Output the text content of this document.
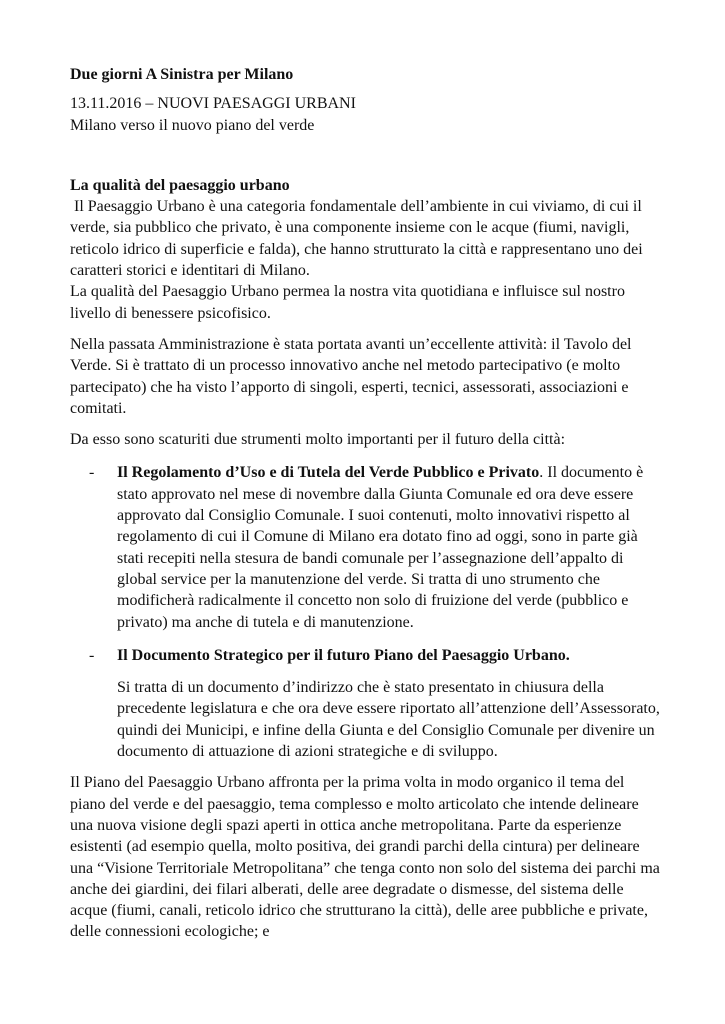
Due giorni A Sinistra per Milano

13.11.2016 – NUOVI PAESAGGI URBANI

Milano verso il nuovo piano del verde

La qualità del paesaggio urbano

Il Paesaggio Urbano è una categoria fondamentale dell’ambiente in cui viviamo, di cui il verde, sia pubblico che privato, è una componente insieme con le acque (fiumi, navigli, reticolo idrico di superficie e falda), che hanno strutturato la città e rappresentano uno dei caratteri storici e identitari di Milano.

La qualità del Paesaggio Urbano permea la nostra vita quotidiana e influisce sul nostro livello di benessere psicofisico.

Nella passata Amministrazione è stata portata avanti un’eccellente attività: il Tavolo del Verde. Si è trattato di un processo innovativo anche nel metodo partecipativo (e molto partecipato) che ha visto l’apporto di singoli, esperti, tecnici, assessorati, associazioni e comitati.

Da esso sono scaturiti due strumenti molto importanti per il futuro della città:

- Il Regolamento d’Uso e di Tutela del Verde Pubblico e Privato. Il documento è stato approvato nel mese di novembre dalla Giunta Comunale ed ora deve essere approvato dal Consiglio Comunale. I suoi contenuti, molto innovativi rispetto al regolamento di cui il Comune di Milano era dotato fino ad oggi, sono in parte già stati recepiti nella stesura de bandi comunale per l’assegnazione dell’appalto di global service per la manutenzione del verde. Si tratta di uno strumento che modificherà radicalmente il concetto non solo di fruizione del verde (pubblico e privato) ma anche di tutela e di manutenzione.
- Il Documento Strategico per il futuro Piano del Paesaggio Urbano.

Si tratta di un documento d’indirizzo che è stato presentato in chiusura della precedente legislatura e che ora deve essere riportato all’attenzione dell’Assessorato, quindi dei Municipi, e infine della Giunta e del Consiglio Comunale per divenire un documento di attuazione di azioni strategiche e di sviluppo.

Il Piano del Paesaggio Urbano affronta per la prima volta in modo organico il tema del piano del verde e del paesaggio, tema complesso e molto articolato che intende delineare una nuova visione degli spazi aperti in ottica anche metropolitana. Parte da esperienze esistenti (ad esempio quella, molto positiva, dei grandi parchi della cintura) per delineare una “Visione Territoriale Metropolitana” che tenga conto non solo del sistema dei parchi ma anche dei giardini, dei filari alberati, delle aree degradate o dismesse, del sistema delle acque (fiumi, canali, reticolo idrico che strutturano la città), delle aree pubbliche e private, delle connessioni ecologiche; e
